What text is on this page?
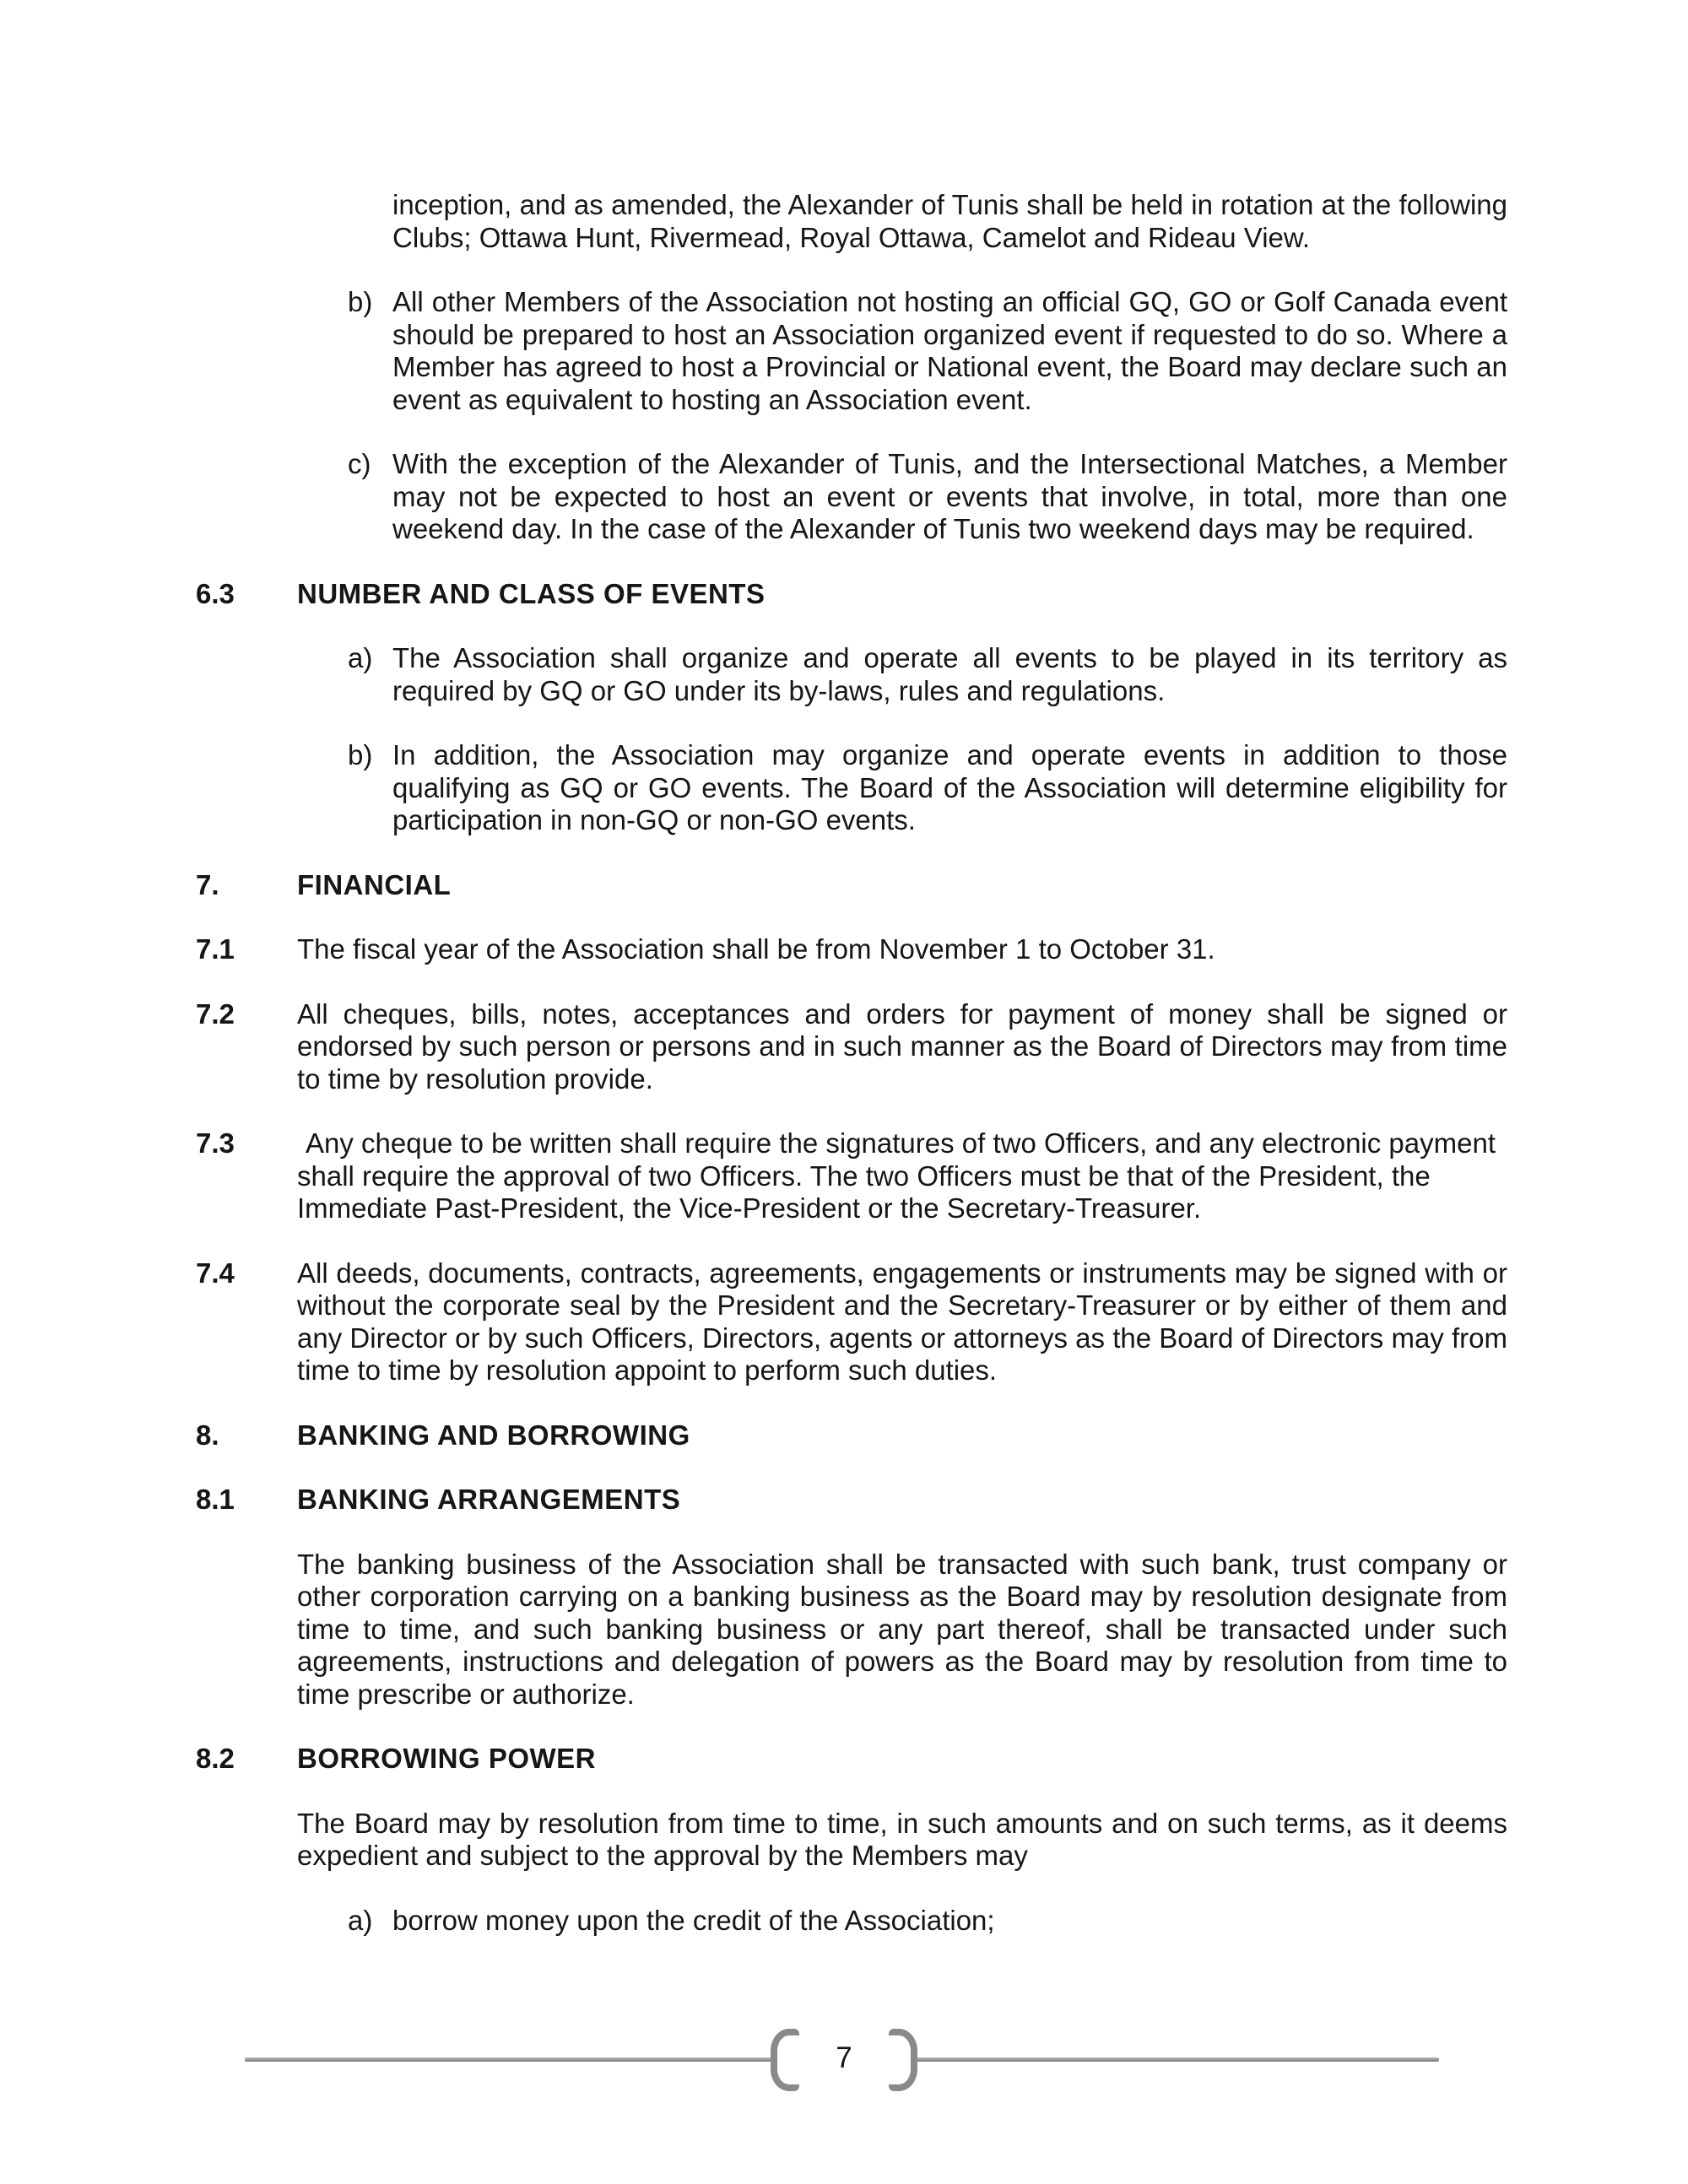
inception, and as amended, the Alexander of Tunis shall be held in rotation at the following Clubs; Ottawa Hunt, Rivermead, Royal Ottawa, Camelot and Rideau View.
b) All other Members of the Association not hosting an official GQ, GO or Golf Canada event should be prepared to host an Association organized event if requested to do so. Where a Member has agreed to host a Provincial or National event, the Board may declare such an event as equivalent to hosting an Association event.
c) With the exception of the Alexander of Tunis, and the Intersectional Matches, a Member may not be expected to host an event or events that involve, in total, more than one weekend day. In the case of the Alexander of Tunis two weekend days may be required.
6.3	NUMBER AND CLASS OF EVENTS
a) The Association shall organize and operate all events to be played in its territory as required by GQ or GO under its by-laws, rules and regulations.
b) In addition, the Association may organize and operate events in addition to those qualifying as GQ or GO events. The Board of the Association will determine eligibility for participation in non-GQ or non-GO events.
7.	FINANCIAL
7.1	The fiscal year of the Association shall be from November 1 to October 31.
7.2	All cheques, bills, notes, acceptances and orders for payment of money shall be signed or endorsed by such person or persons and in such manner as the Board of Directors may from time to time by resolution provide.
7.3	Any cheque to be written shall require the signatures of two Officers, and any electronic payment shall require the approval of two Officers. The two Officers must be that of the President, the Immediate Past-President, the Vice-President or the Secretary-Treasurer.
7.4	All deeds, documents, contracts, agreements, engagements or instruments may be signed with or without the corporate seal by the President and the Secretary-Treasurer or by either of them and any Director or by such Officers, Directors, agents or attorneys as the Board of Directors may from time to time by resolution appoint to perform such duties.
8.	BANKING AND BORROWING
8.1	BANKING ARRANGEMENTS
The banking business of the Association shall be transacted with such bank, trust company or other corporation carrying on a banking business as the Board may by resolution designate from time to time, and such banking business or any part thereof, shall be transacted under such agreements, instructions and delegation of powers as the Board may by resolution from time to time prescribe or authorize.
8.2	BORROWING POWER
The Board may by resolution from time to time, in such amounts and on such terms, as it deems expedient and subject to the approval by the Members may
a) borrow money upon the credit of the Association;
7
